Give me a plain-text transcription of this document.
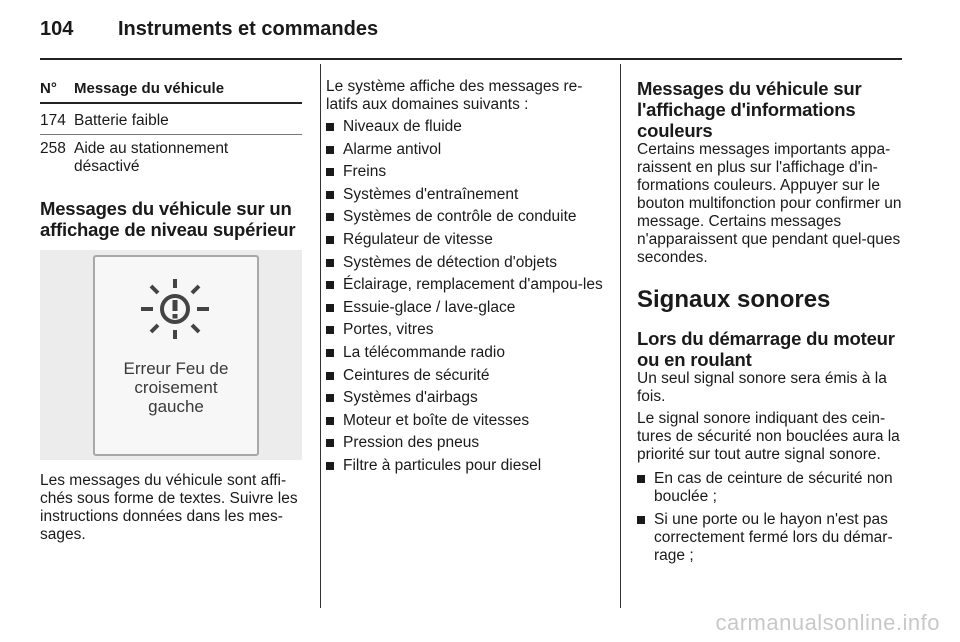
104 Instruments et commandes
N° Message du véhicule
174 Batterie faible
258 Aide au stationnement désactivé
Messages du véhicule sur un affichage de niveau supérieur
Erreur Feu de
croisement
gauche
Les messages du véhicule sont affi-chés sous forme de textes. Suivre les instructions données dans les mes-sages.
Le système affiche des messages re-latifs aux domaines suivants :
Niveaux de fluide
Alarme antivol
Freins
Systèmes d'entraînement
Systèmes de contrôle de conduite
Régulateur de vitesse
Systèmes de détection d'objets
Éclairage, remplacement d'ampou-les
Essuie-glace / lave-glace
Portes, vitres
La télécommande radio
Ceintures de sécurité
Systèmes d'airbags
Moteur et boîte de vitesses
Pression des pneus
Filtre à particules pour diesel
Messages du véhicule sur l'affichage d'informations couleurs
Certains messages importants appa-raissent en plus sur l'affichage d'in-formations couleurs. Appuyer sur le bouton multifonction pour confirmer un message. Certains messages n'apparaissent que pendant quel-ques secondes.
Signaux sonores
Lors du démarrage du moteur ou en roulant
Un seul signal sonore sera émis à la fois.
Le signal sonore indiquant des cein-tures de sécurité non bouclées aura la priorité sur tout autre signal sonore.
En cas de ceinture de sécurité non bouclée ;
Si une porte ou le hayon n'est pas correctement fermé lors du démar-rage ;
carmanualsonline.info
